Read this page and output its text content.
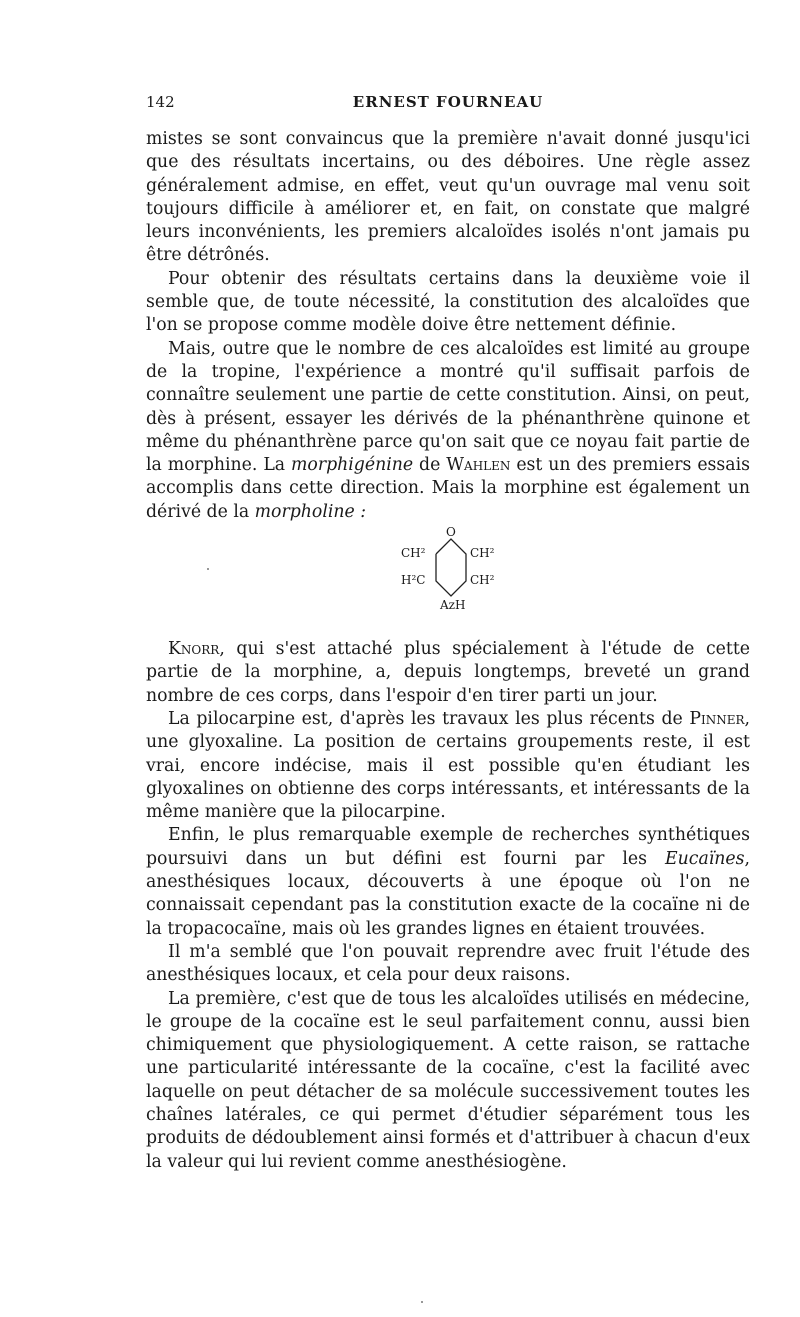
142	ERNEST FOURNEAU

mistes se sont convaincus que la première n'avait donné jusqu'ici que des résultats incertains, ou des déboires. Une règle assez généralement admise, en effet, veut qu'un ouvrage mal venu soit toujours difficile à améliorer et, en fait, on constate que malgré leurs inconvénients, les premiers alcaloïdes isolés n'ont jamais pu être détrônés.

Pour obtenir des résultats certains dans la deuxième voie il semble que, de toute nécessité, la constitution des alcaloïdes que l'on se propose comme modèle doive être nettement définie.

Mais, outre que le nombre de ces alcaloïdes est limité au groupe de la tropine, l'expérience a montré qu'il suffisait parfois de connaître seulement une partie de cette constitution. Ainsi, on peut, dès à présent, essayer les dérivés de la phénanthrène quinone et même du phénanthrène parce qu'on sait que ce noyau fait partie de la morphine. La morphigénine de Wahlen est un des premiers essais accomplis dans cette direction. Mais la morphine est également un dérivé de la morpholine :

O
CH²	CH²
H²C	CH²
AzH

Knorr, qui s'est attaché plus spécialement à l'étude de cette partie de la morphine, a, depuis longtemps, breveté un grand nombre de ces corps, dans l'espoir d'en tirer parti un jour.

La pilocarpine est, d'après les travaux les plus récents de Pinner, une glyoxaline. La position de certains groupements reste, il est vrai, encore indécise, mais il est possible qu'en étudiant les glyoxalines on obtienne des corps intéressants, et intéressants de la même manière que la pilocarpine.

Enfin, le plus remarquable exemple de recherches synthétiques poursuivi dans un but défini est fourni par les Eucaïnes, anesthésiques locaux, découverts à une époque où l'on ne connaissait cependant pas la constitution exacte de la cocaïne ni de la tropacocaïne, mais où les grandes lignes en étaient trouvées.

Il m'a semblé que l'on pouvait reprendre avec fruit l'étude des anesthésiques locaux, et cela pour deux raisons.

La première, c'est que de tous les alcaloïdes utilisés en médecine, le groupe de la cocaïne est le seul parfaitement connu, aussi bien chimiquement que physiologiquement. A cette raison, se rattache une particularité intéressante de la cocaïne, c'est la facilité avec laquelle on peut détacher de sa molécule successivement toutes les chaînes latérales, ce qui permet d'étudier séparément tous les produits de dédoublement ainsi formés et d'attribuer à chacun d'eux la valeur qui lui revient comme anesthésiogène.
